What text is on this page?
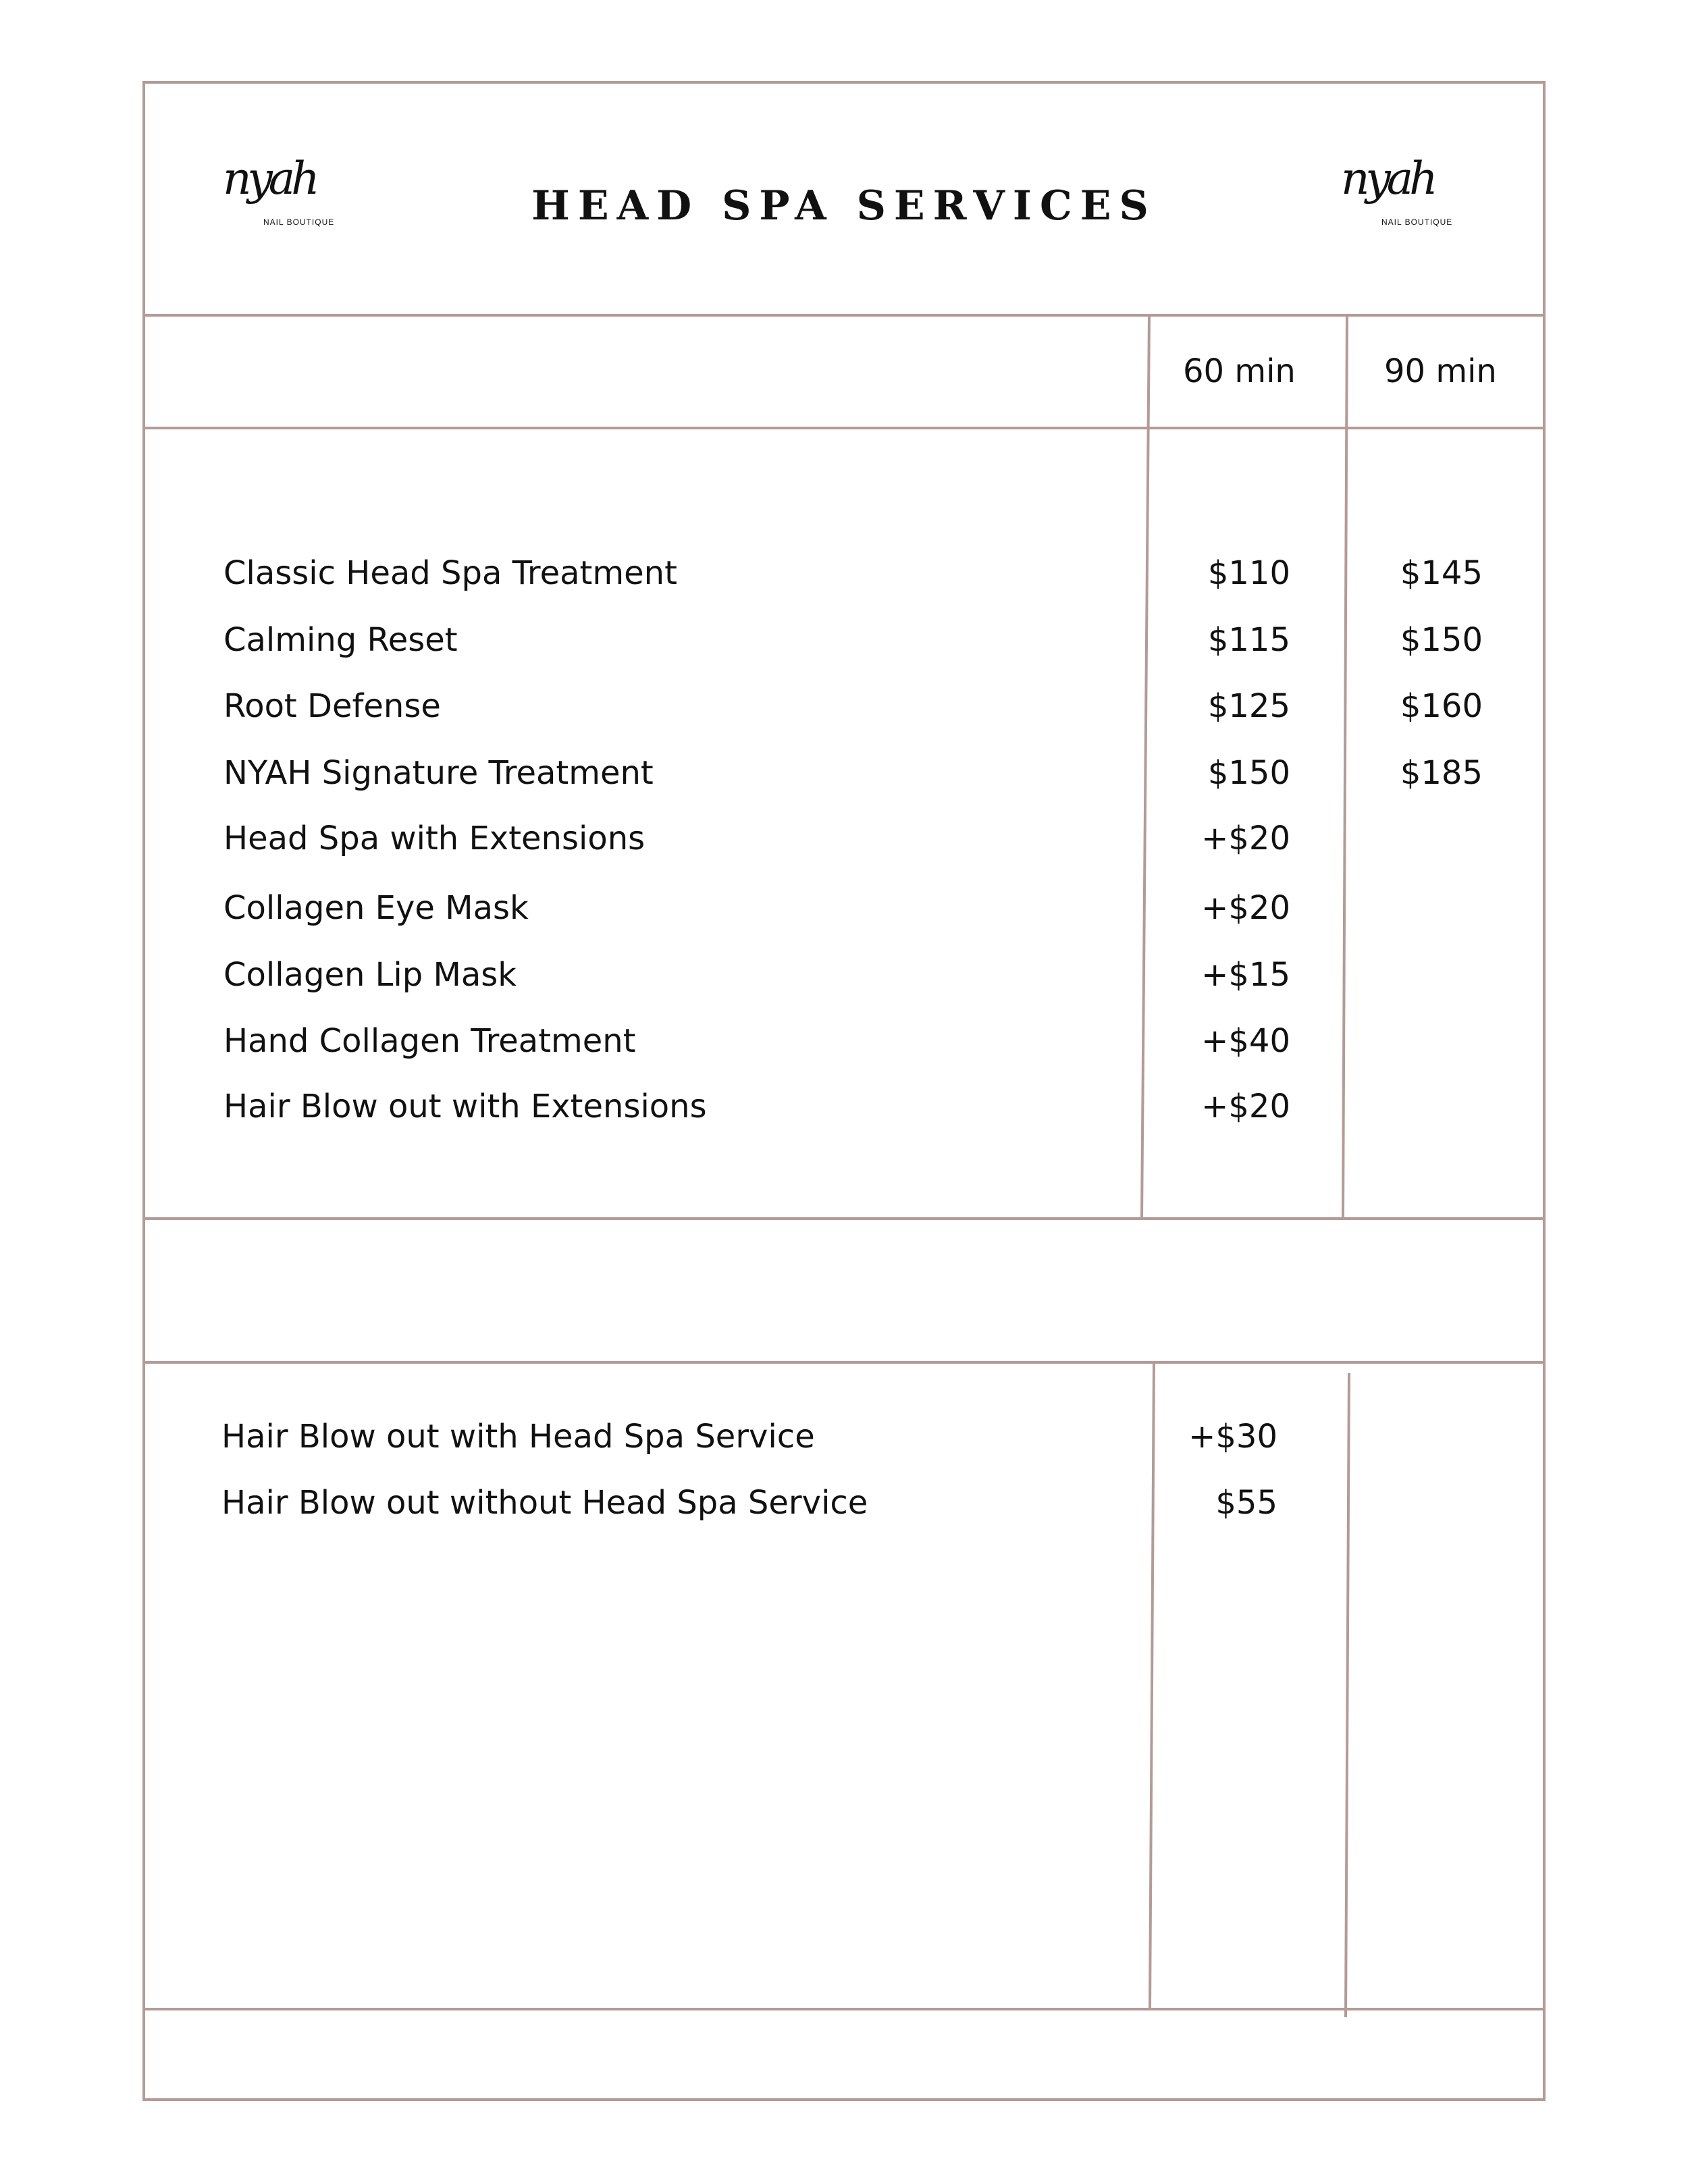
nyah
NAIL BOUTIQUE	HEAD SPA SERVICES
nyah
NAIL BOUTIQUE
60 min	90 min
Classic Head Spa Treatment	$110	$145
Calming Reset	$115	$150
Root Defense	$125	$160
NYAH Signature Treatment	$150	$185
Head Spa with Extensions	+$20
Collagen Eye Mask	+$20
Collagen Lip Mask	+$15
Hand Collagen Treatment	+$40
Hair Blow out with Extensions	+$20
Hair Blow out with Head Spa Service	+$30
Hair Blow out without Head Spa Service	$55
